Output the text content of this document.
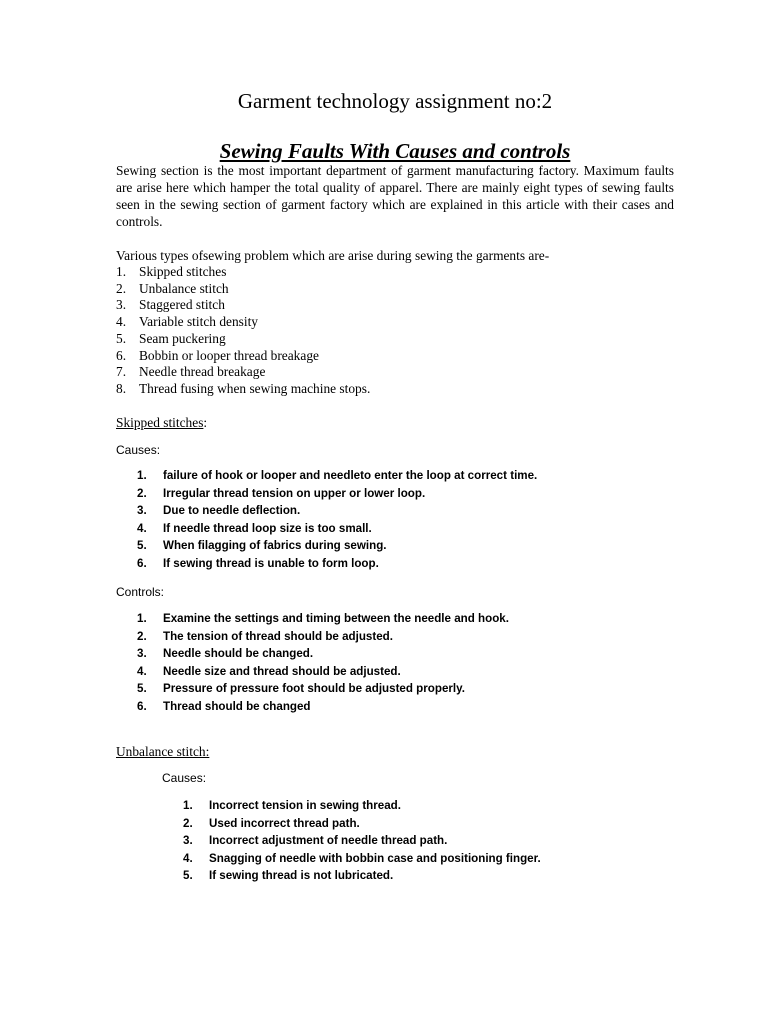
Garment technology assignment no:2
Sewing Faults With Causes and controls

Sewing section is the most important department of garment manufacturing factory. Maximum faults are arise here which hamper the total quality of apparel. There are mainly eight types of sewing faults seen in the sewing section of garment factory which are explained in this article with their cases and controls.

Various types ofsewing problem which are arise during sewing the garments are-

1. Skipped stitches
2. Unbalance stitch
3. Staggered stitch
4. Variable stitch density
5. Seam puckering
6. Bobbin or looper thread breakage
7. Needle thread breakage
8. Thread fusing when sewing machine stops.

Skipped stitches:

Causes:

1.	failure of hook or looper and needleto enter the loop at correct time.
2.	Irregular thread tension on upper or lower loop.
3.	Due to needle deflection.
4.	If needle thread loop size is too small.
5.	When filagging of fabrics during sewing.
6.	If sewing thread is unable to form loop.

Controls:

1.	Examine the settings and timing between the needle and hook.
2.	The tension of thread should be adjusted.
3.	Needle should be changed.
4.	Needle size and thread should be adjusted.
5.	Pressure of pressure foot should be adjusted properly.
6.	Thread should be changed

Unbalance stitch:

Causes:

1.	Incorrect tension in sewing thread.
2.	Used incorrect thread path.
3.	Incorrect adjustment of needle thread path.
4.	Snagging of needle with bobbin case and positioning finger.
5.	If sewing thread is not lubricated.
